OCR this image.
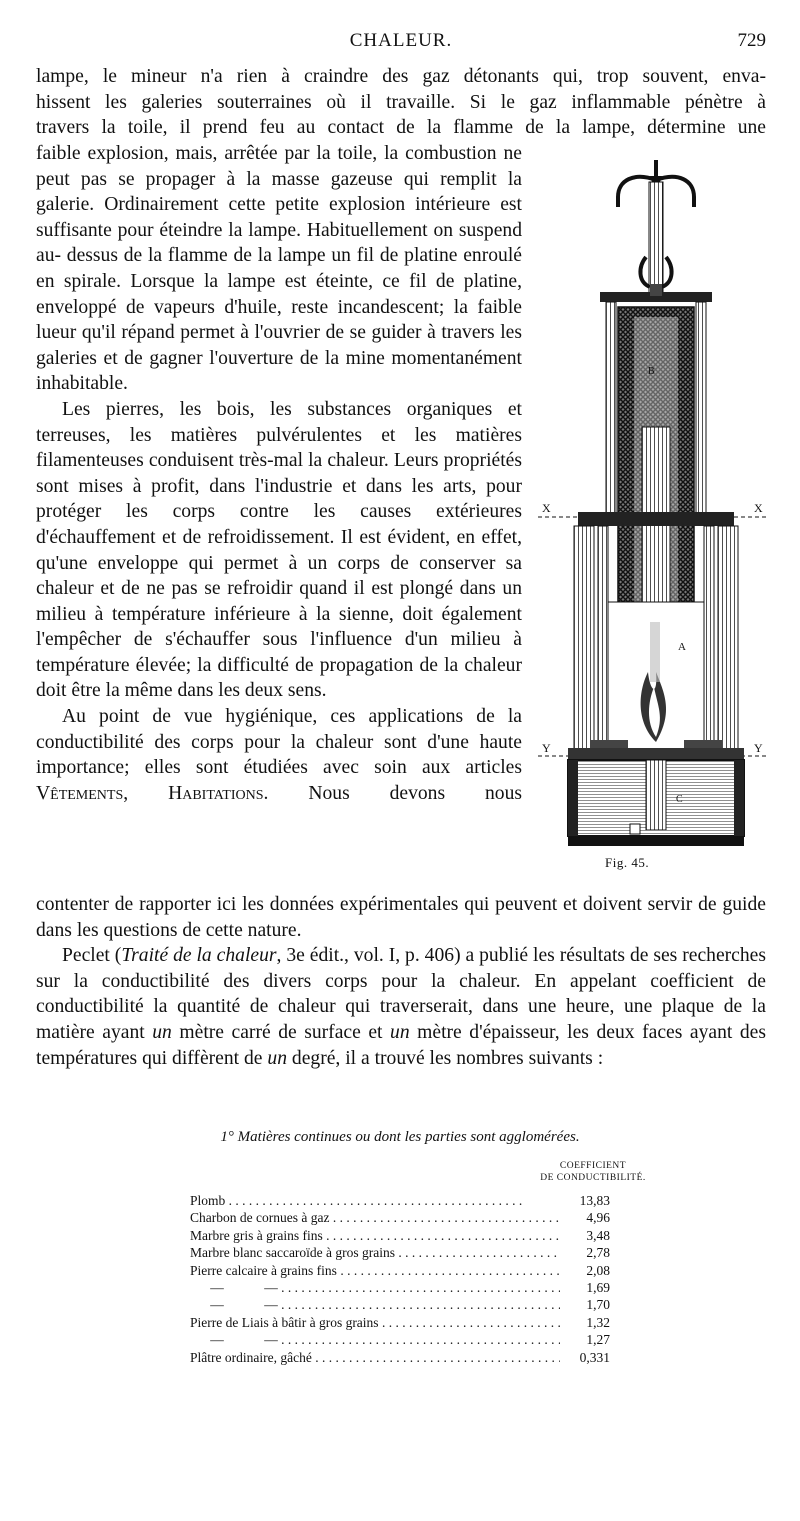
CHALEUR.	729

lampe, le mineur n'a rien à craindre des gaz détonants qui, trop souvent, enva-

hissent les galeries souterraines où il travaille. Si le gaz inflammable pénètre à

travers la toile, il prend feu au contact de la flamme de la lampe, détermine une

faible explosion, mais, arrêtée par la toile, la combustion ne peut pas se propager à la masse gazeuse qui remplit la galerie. Ordinairement cette petite explosion intérieure est suffisante pour éteindre la lampe. Habituellement on suspend au- dessus de la flamme de la lampe un fil de platine enroulé en spirale. Lorsque la lampe est éteinte, ce fil de platine, enveloppé de vapeurs d'huile, reste incandescent; la faible lueur qu'il répand permet à l'ouvrier de se guider à travers les galeries et de gagner l'ouverture de la mine momentanément inhabitable.

Les pierres, les bois, les substances organiques et terreuses, les matières pulvérulentes et les matières filamenteuses conduisent très-mal la chaleur. Leurs propriétés sont mises à profit, dans l'industrie et dans les arts, pour protéger les corps contre les causes extérieures d'échauffement et de refroidissement. Il est évident, en effet, qu'une enveloppe qui permet à un corps de conserver sa chaleur et de ne pas se refroidir quand il est plongé dans un milieu à température inférieure à la sienne, doit également l'empêcher de s'échauffer sous l'influence d'un milieu à température élevée; la difficulté de propagation de la chaleur doit être la même dans les deux sens.

Au point de vue hygiénique, ces applications de la conductibilité des corps pour la chaleur sont d'une haute importance; elles sont étudiées avec soin aux articles Vêtements, Habitations. Nous devons nous

contenter de rapporter ici les données expérimentales qui peuvent et doivent servir de guide dans les questions de cette nature.

Peclet (Traité de la chaleur, 3e édit., vol. I, p. 406) a publié les résultats de ses recherches sur la conductibilité des divers corps pour la chaleur. En appelant coefficient de conductibilité la quantité de chaleur qui traverserait, dans une heure, une plaque de la matière ayant un mètre carré de surface et un mètre d'épaisseur, les deux faces ayant des températures qui diffèrent de un degré, il a trouvé les nombres suivants :

B
X	X
A
Y	Y
C
Fig. 45.
1° Matières continues ou dont les parties sont agglomérées.
COEFFICIENT
DE CONDUCTIBILITÉ.
Plomb . . .	13,83
Charbon de cornues à gaz . . .	4,96
Marbre gris à grains fins . . .	3,48
Marbre blanc saccaroïde à gros grains . . .	2,78
Pierre calcaire à grains fins . . .	2,08
—            — . . .	1,69
—            — . . .	1,70
Pierre de Liais à bâtir à gros grains . . .	1,32
—            — . . .	1,27
Plâtre ordinaire, gâché . . .	0,331
